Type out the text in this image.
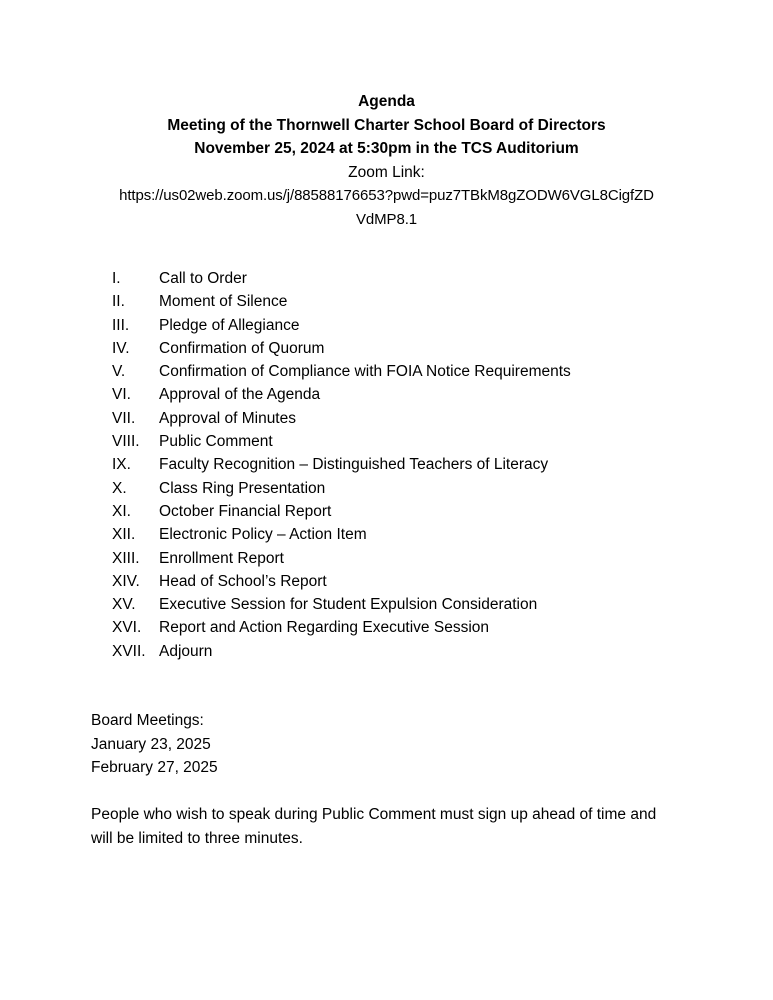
Agenda
Meeting of the Thornwell Charter School Board of Directors
November 25, 2024 at 5:30pm in the TCS Auditorium
Zoom Link:
https://us02web.zoom.us/j/88588176653?pwd=puz7TBkM8gZODW6VGL8CigfZD
VdMP8.1
I.	Call to Order
II.	Moment of Silence
III.	Pledge of Allegiance
IV.	Confirmation of Quorum
V.	Confirmation of Compliance with FOIA Notice Requirements
VI.	Approval of the Agenda
VII.	Approval of Minutes
VIII.	Public Comment
IX.	Faculty Recognition – Distinguished Teachers of Literacy
X.	Class Ring Presentation
XI.	October Financial Report
XII.	Electronic Policy – Action Item
XIII.	Enrollment Report
XIV.	Head of School’s Report
XV.	Executive Session for Student Expulsion Consideration
XVI.	Report and Action Regarding Executive Session
XVII. Adjourn
Board Meetings:
January 23, 2025
February 27, 2025
People who wish to speak during Public Comment must sign up ahead of time and
will be limited to three minutes.
